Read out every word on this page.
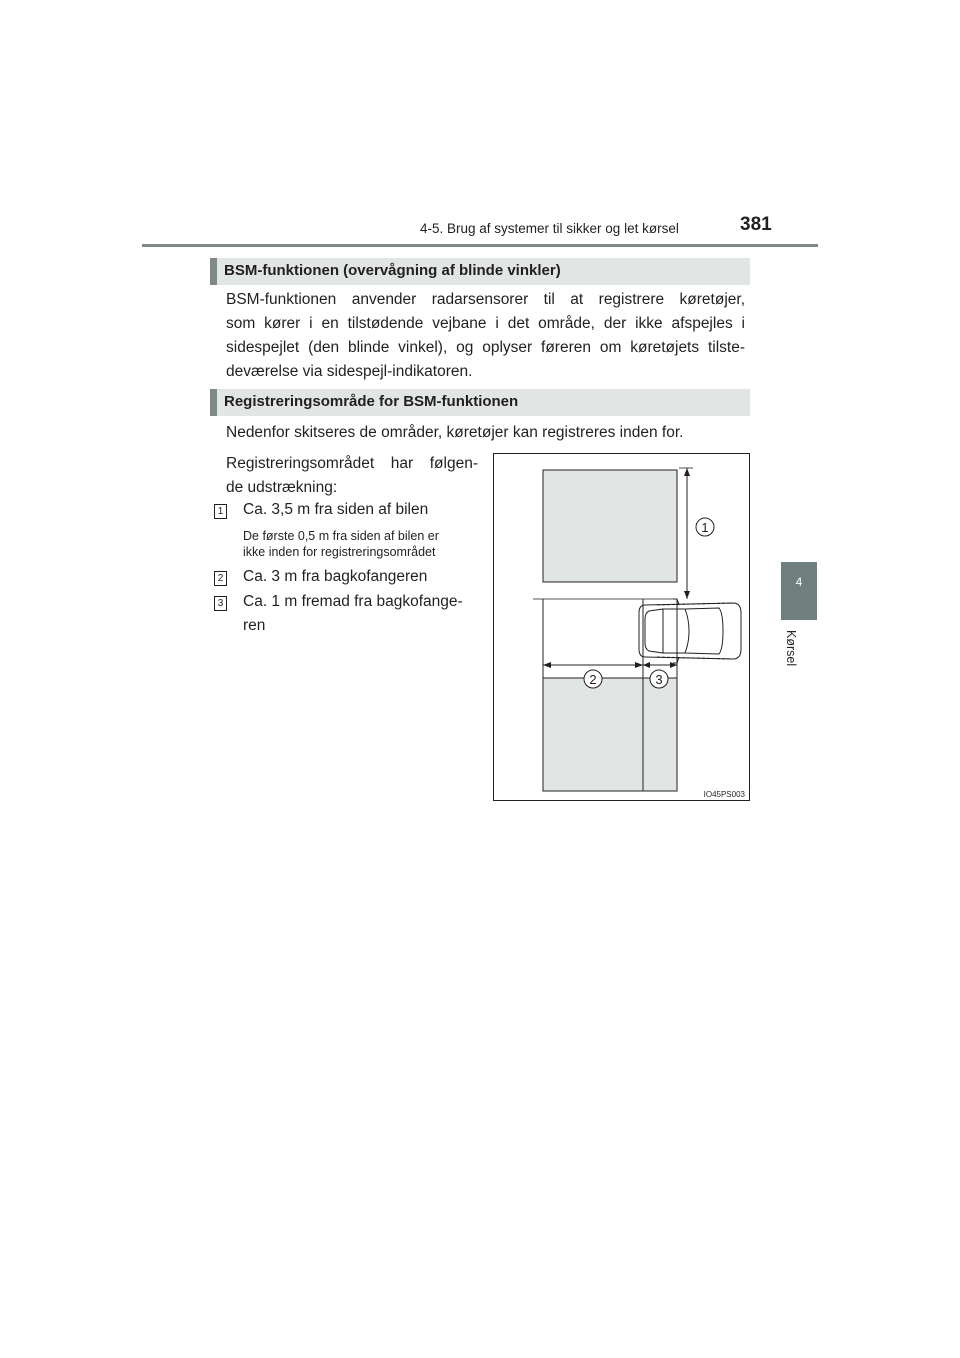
4-5. Brug af systemer til sikker og let kørsel	381
4
Kørsel
BSM-funktionen (overvågning af blinde vinkler)
BSM-funktionen anvender radarsensorer til at registrere køretøjer,
som kører i en tilstødende vejbane i det område, der ikke afspejles i
sidespejlet (den blinde vinkel), og oplyser føreren om køretøjets tilste-
deværelse via sidespejl-indikatoren.
Registreringsområde for BSM-funktionen
Nedenfor skitseres de områder, køretøjer kan registreres inden for.
Registreringsområdet har følgen-
de udstrækning:
1 Ca. 3,5 m fra siden af bilen
De første 0,5 m fra siden af bilen er
ikke inden for registreringsområdet
2 Ca. 3 m fra bagkofangeren
3 Ca. 1 m fremad fra bagkofange-
ren
1
2	3
IO45PS003
